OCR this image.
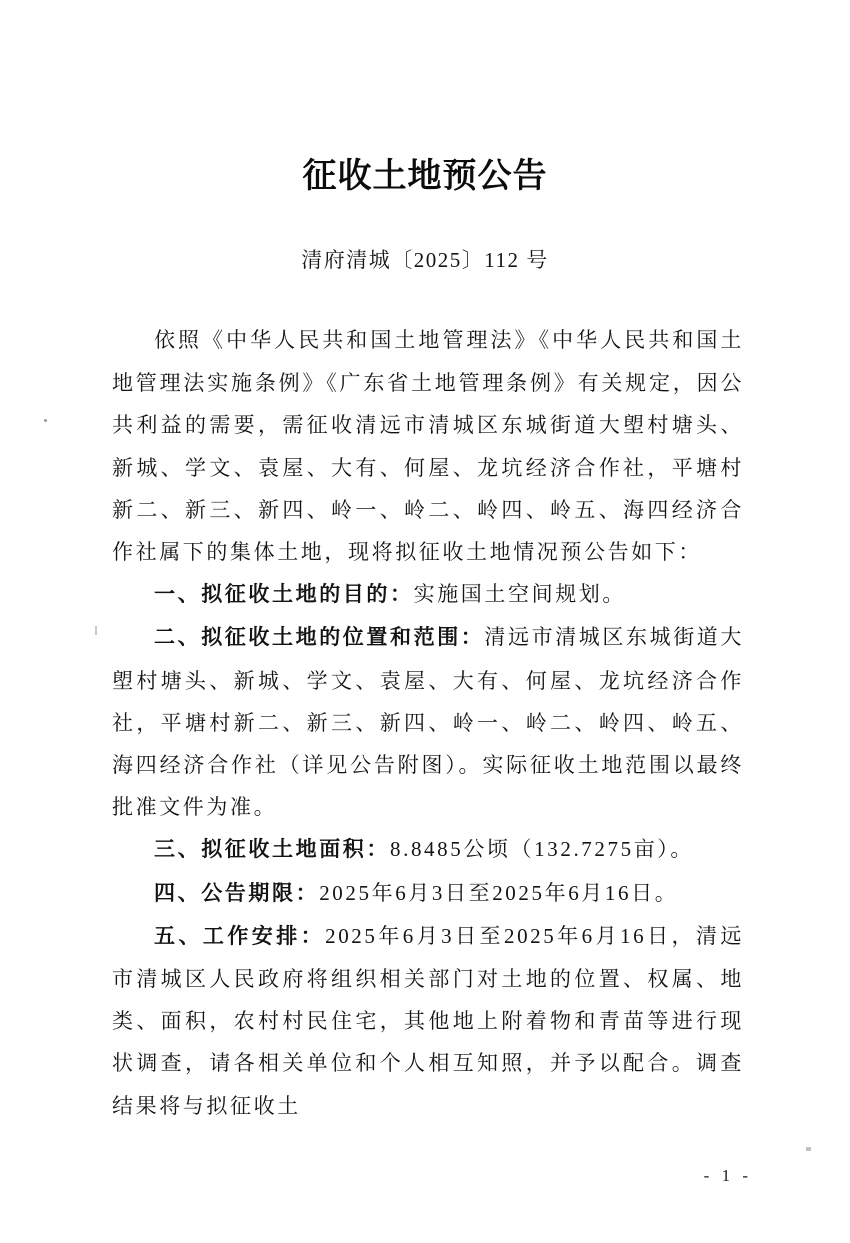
征收土地预公告
清府清城〔2025〕112 号

依照《中华人民共和国土地管理法》《中华人民共和国土地管理法实施条例》《广东省土地管理条例》有关规定，因公共利益的需要，需征收清远市清城区东城街道大塱村塘头、新城、学文、袁屋、大有、何屋、龙坑经济合作社，平塘村新二、新三、新四、岭一、岭二、岭四、岭五、海四经济合作社属下的集体土地，现将拟征收土地情况预公告如下：

一、拟征收土地的目的：实施国土空间规划。

二、拟征收土地的位置和范围：清远市清城区东城街道大塱村塘头、新城、学文、袁屋、大有、何屋、龙坑经济合作社，平塘村新二、新三、新四、岭一、岭二、岭四、岭五、海四经济合作社（详见公告附图）。实际征收土地范围以最终批准文件为准。

三、拟征收土地面积：8.8485公顷（132.7275亩）。

四、公告期限：2025年6月3日至2025年6月16日。

五、工作安排：2025年6月3日至2025年6月16日，清远市清城区人民政府将组织相关部门对土地的位置、权属、地类、面积，农村村民住宅，其他地上附着物和青苗等进行现状调查，请各相关单位和个人相互知照，并予以配合。调查结果将与拟征收土

- 1 -
